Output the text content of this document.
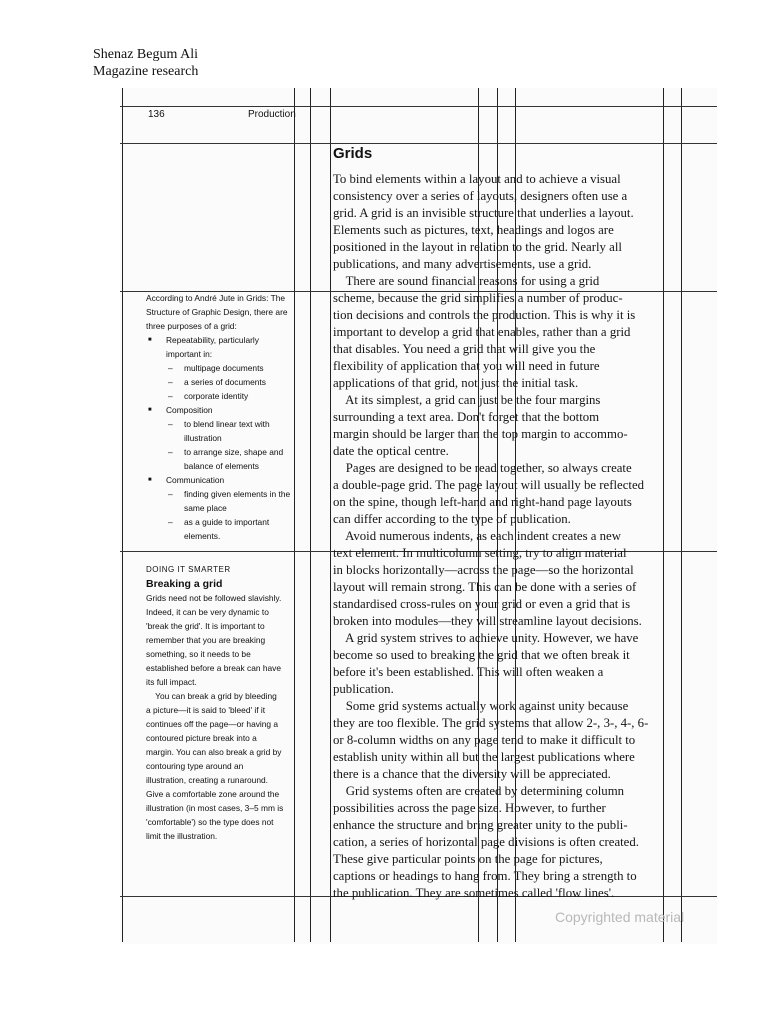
Shenaz Begum Ali
Magazine research
136	Production
Grids
According to André Jute in Grids: The
Structure of Graphic Design, there are
three purposes of a grid:
■ Repeatability, particularly
important in:
– multipage documents
– a series of documents
– corporate identity
■ Composition
– to blend linear text with
illustration
– to arrange size, shape and
balance of elements
■ Communication
– finding given elements in the
same place
– as a guide to important
elements.
DOING IT SMARTER
Breaking a grid
Grids need not be followed slavishly.
Indeed, it can be very dynamic to
'break the grid'. It is important to
remember that you are breaking
something, so it needs to be
established before a break can have
its full impact.
You can break a grid by bleeding
a picture—it is said to 'bleed' if it
continues off the page—or having a
contoured picture break into a
margin. You can also break a grid by
contouring type around an
illustration, creating a runaround.
Give a comfortable zone around the
illustration (in most cases, 3–5 mm is
'comfortable') so the type does not
limit the illustration.
To bind elements within a layout and to achieve a visual
consistency over a series of layouts, designers often use a
grid. A grid is an invisible structure that underlies a layout.
Elements such as pictures, text, headings and logos are
positioned in the layout in relation to the grid. Nearly all
publications, and many advertisements, use a grid.
There are sound financial reasons for using a grid
scheme, because the grid simplifies a number of produc-
tion decisions and controls the production. This is why it is
important to develop a grid that enables, rather than a grid
that disables. You need a grid that will give you the
flexibility of application that you will need in future
applications of that grid, not just the initial task.
At its simplest, a grid can just be the four margins
surrounding a text area. Don't forget that the bottom
margin should be larger than the top margin to accommo-
date the optical centre.
Pages are designed to be read together, so always create
a double-page grid. The page layout will usually be reflected
on the spine, though left-hand and right-hand page layouts
can differ according to the type of publication.
Avoid numerous indents, as each indent creates a new
text element. In multicolumn setting, try to align material
in blocks horizontally—across the page—so the horizontal
layout will remain strong. This can be done with a series of
standardised cross-rules on your grid or even a grid that is
broken into modules—they will streamline layout decisions.
A grid system strives to achieve unity. However, we have
become so used to breaking the grid that we often break it
before it's been established. This will often weaken a
publication.
Some grid systems actually work against unity because
they are too flexible. The grid systems that allow 2-, 3-, 4-, 6-
or 8-column widths on any page tend to make it difficult to
establish unity within all but the largest publications where
there is a chance that the diversity will be appreciated.
Grid systems often are created by determining column
possibilities across the page size. However, to further
enhance the structure and bring greater unity to the publi-
cation, a series of horizontal page divisions is often created.
These give particular points on the page for pictures,
captions or headings to hang from. They bring a strength to
the publication. They are sometimes called 'flow lines'.
Copyrighted material
